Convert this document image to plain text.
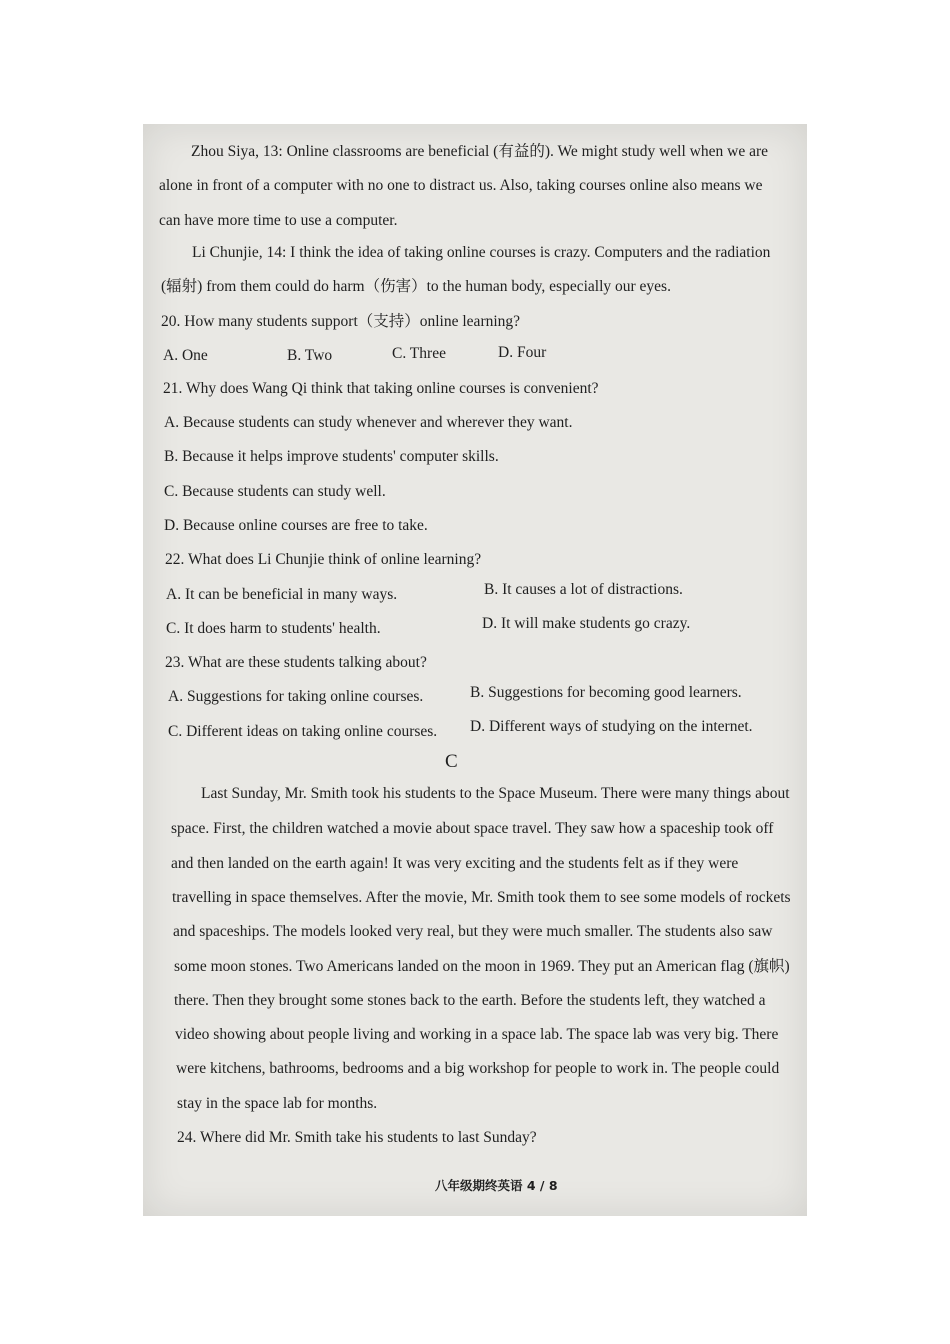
Zhou Siya, 13: Online classrooms are beneficial (有益的). We might study well when we are
alone in front of a computer with no one to distract us. Also, taking courses online also means we
can have more time to use a computer.
Li Chunjie, 14: I think the idea of taking online courses is crazy. Computers and the radiation
(辐射) from them could do harm（伤害）to the human body, especially our eyes.
20. How many students support（支持）online learning?
A. One	B. Two	C. Three	D. Four
21. Why does Wang Qi think that taking online courses is convenient?
A. Because students can study whenever and wherever they want.
B. Because it helps improve students' computer skills.
C. Because students can study well.
D. Because online courses are free to take.
22. What does Li Chunjie think of online learning?
A. It can be beneficial in many ways.	B. It causes a lot of distractions.
C. It does harm to students' health.	D. It will make students go crazy.
23. What are these students talking about?
A. Suggestions for taking online courses.	B. Suggestions for becoming good learners.
C. Different ideas on taking online courses. D. Different ways of studying on the internet.
C
Last Sunday, Mr. Smith took his students to the Space Museum. There were many things about
space. First, the children watched a movie about space travel. They saw how a spaceship took off
and then landed on the earth again! It was very exciting and the students felt as if they were
travelling in space themselves. After the movie, Mr. Smith took them to see some models of rockets
and spaceships. The models looked very real, but they were much smaller. The students also saw
some moon stones. Two Americans landed on the moon in 1969. They put an American flag (旗帜)
there. Then they brought some stones back to the earth. Before the students left, they watched a
video showing about people living and working in a space lab. The space lab was very big. There
were kitchens, bathrooms, bedrooms and a big workshop for people to work in. The people could
stay in the space lab for months.
24. Where did Mr. Smith take his students to last Sunday?
八年级期终英语 4 / 8
